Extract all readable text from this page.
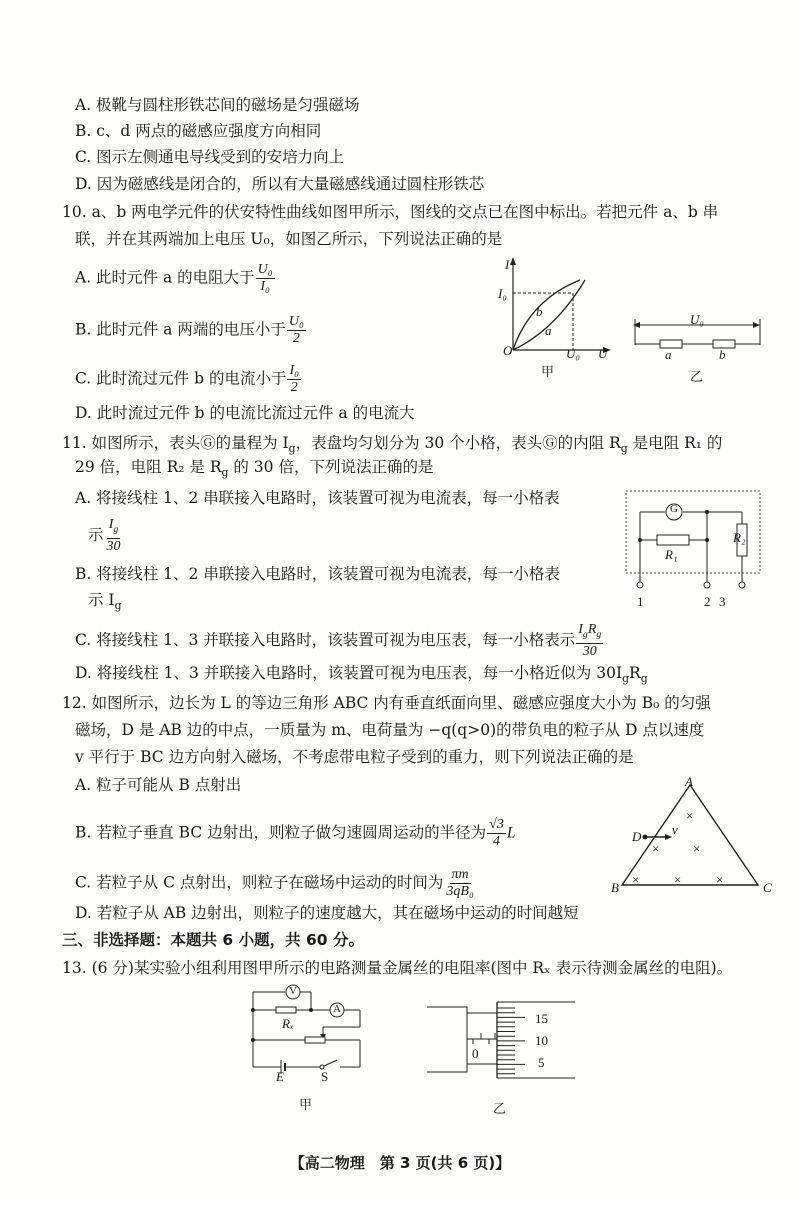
A. 极靴与圆柱形铁芯间的磁场是匀强磁场
B. c、d 两点的磁感应强度方向相同
C. 图示左侧通电导线受到的安培力向上
D. 因为磁感线是闭合的，所以有大量磁感线通过圆柱形铁芯
10. a、b 两电学元件的伏安特性曲线如图甲所示，图线的交点已在图中标出。若把元件 a、b 串
联，并在其两端加上电压 U₀，如图乙所示，下列说法正确的是
A. 此时元件 a 的电阻大于 $\frac{\text{U₀}}{\text{I₀}}$
B. 此时元件 a 两端的电压小于 $\frac{\text{U₀}}{2}$
C. 此时流过元件 b 的电流小于 $\frac{\text{I₀}}{2}$
D. 此时流过元件 b 的电流比流过元件 a 的电流大
I
I₀
O	U₀ U
a
b
甲
U₀
a	b
乙
11. 如图所示，表头Ⓖ的量程为 $I_g$，表盘均匀划分为 30 个小格，表头Ⓖ的内阻 $R_g$ 是电阻 R₁ 的
29 倍，电阻 R₂ 是 $R_g$ 的 30 倍，下列说法正确的是
A. 将接线柱 1、2 串联接入电路时，该装置可视为电流表，每一小格表
示 $\frac{I_g}{30}$
B. 将接线柱 1、2 串联接入电路时，该装置可视为电流表，每一小格表
示 $I_g$
C. 将接线柱 1、3 并联接入电路时，该装置可视为电压表，每一小格表示 $\frac{I_gR_g}{30}$
D. 将接线柱 1、3 并联接入电路时，该装置可视为电压表，每一小格近似为 $30I_gR_g$
G
R₁
R₂
1	2 3
12. 如图所示，边长为 L 的等边三角形 ABC 内有垂直纸面向里、磁感应强度大小为 B₀ 的匀强
磁场，D 是 AB 边的中点，一质量为 m、电荷量为 −q(q>0)的带负电的粒子从 D 点以速度
v 平行于 BC 边方向射入磁场，不考虑带电粒子受到的重力，则下列说法正确的是
A. 粒子可能从 B 点射出
B. 若粒子垂直 BC 边射出，则粒子做匀速圆周运动的半径为 $\frac{√3}{4}$ L
C. 若粒子从 C 点射出，则粒子在磁场中运动的时间为 $\frac{\pi m}{\text{3qB₀}}$
D. 若粒子从 AB 边射出，则粒子的速度越大，其在磁场中运动的时间越短
A
B	C
D v
×
×	×
×	×	×
三、非选择题：本题共 6 小题，共 60 分。
13. (6 分)某实验小组利用图甲所示的电路测量金属丝的电阻率(图中 Rₓ 表示待测金属丝的电阻)。
V
A
Rₓ
E	S
甲
15
10
5
0
乙
【高二物理　第 3 页(共 6 页)】
